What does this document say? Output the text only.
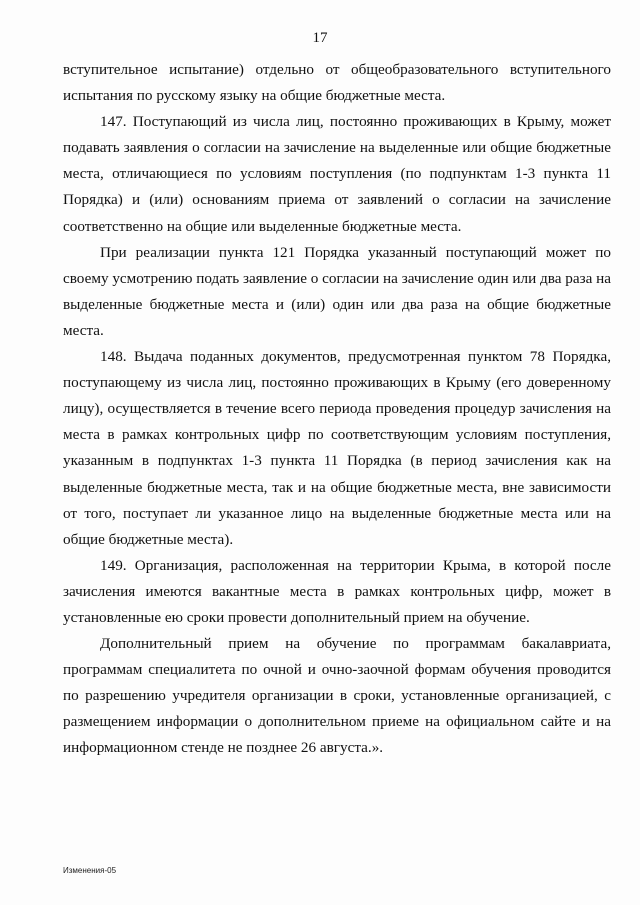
17

вступительное испытание) отдельно от общеобразовательного вступительного испытания по русскому языку на общие бюджетные места.

147. Поступающий из числа лиц, постоянно проживающих в Крыму, может подавать заявления о согласии на зачисление на выделенные или общие бюджетные места, отличающиеся по условиям поступления (по подпунктам 1-3 пункта 11 Порядка) и (или) основаниям приема от заявлений о согласии на зачисление соответственно на общие или выделенные бюджетные места.

При реализации пункта 121 Порядка указанный поступающий может по своему усмотрению подать заявление о согласии на зачисление один или два раза на выделенные бюджетные места и (или) один или два раза на общие бюджетные места.

148. Выдача поданных документов, предусмотренная пунктом 78 Порядка, поступающему из числа лиц, постоянно проживающих в Крыму (его доверенному лицу), осуществляется в течение всего периода проведения процедур зачисления на места в рамках контрольных цифр по соответствующим условиям поступления, указанным в подпунктах 1-3 пункта 11 Порядка (в период зачисления как на выделенные бюджетные места, так и на общие бюджетные места, вне зависимости от того, поступает ли указанное лицо на выделенные бюджетные места или на общие бюджетные места).

149. Организация, расположенная на территории Крыма, в которой после зачисления имеются вакантные места в рамках контрольных цифр, может в установленные ею сроки провести дополнительный прием на обучение.

Дополнительный прием на обучение по программам бакалавриата, программам специалитета по очной и очно-заочной формам обучения проводится по разрешению учредителя организации в сроки, установленные организацией, с размещением информации о дополнительном приеме на официальном сайте и на информационном стенде не позднее 26 августа.».

Изменения-05
